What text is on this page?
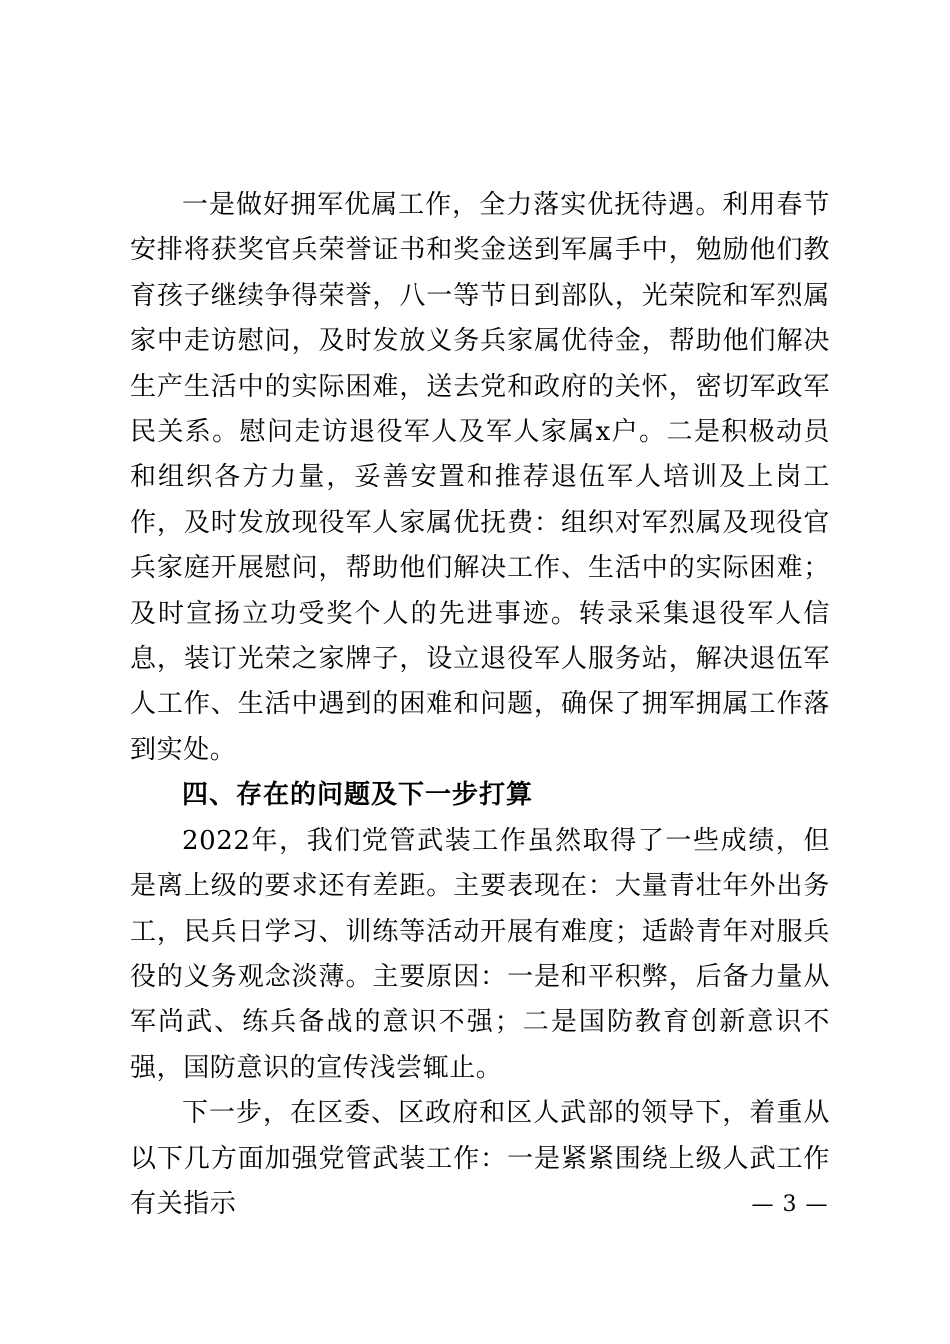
一是做好拥军优属工作，全力落实优抚待遇。利用春节安排将获奖官兵荣誉证书和奖金送到军属手中，勉励他们教育孩子继续争得荣誉，八一等节日到部队，光荣院和军烈属家中走访慰问，及时发放义务兵家属优待金，帮助他们解决生产生活中的实际困难，送去党和政府的关怀，密切军政军民关系。慰问走访退役军人及军人家属x户。二是积极动员和组织各方力量，妥善安置和推荐退伍军人培训及上岗工作，及时发放现役军人家属优抚费：组织对军烈属及现役官兵家庭开展慰问，帮助他们解决工作、生活中的实际困难；及时宣扬立功受奖个人的先进事迹。转录采集退役军人信息，装订光荣之家牌子，设立退役军人服务站，解决退伍军人工作、生活中遇到的困难和问题，确保了拥军拥属工作落到实处。

四、存在的问题及下一步打算

2022年，我们党管武装工作虽然取得了一些成绩，但是离上级的要求还有差距。主要表现在：大量青壮年外出务工，民兵日学习、训练等活动开展有难度；适龄青年对服兵役的义务观念淡薄。主要原因：一是和平积弊，后备力量从军尚武、练兵备战的意识不强；二是国防教育创新意识不强，国防意识的宣传浅尝辄止。

下一步，在区委、区政府和区人武部的领导下，着重从以下几方面加强党管武装工作：一是紧紧围绕上级人武工作有关指示	— 3 —
